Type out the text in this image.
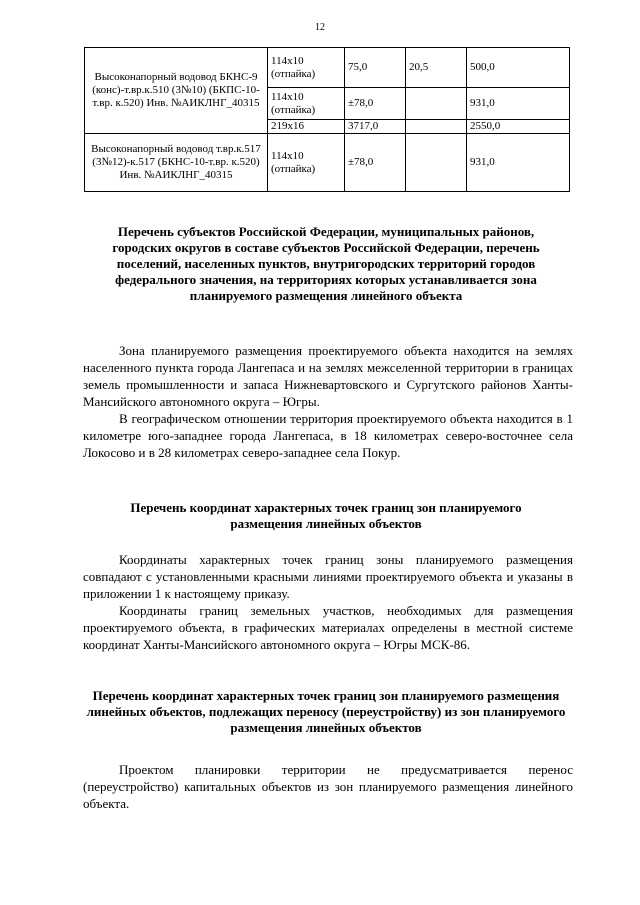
12
Высоконапорный водовод БКНС-9 (конс)-т.вр.к.510 (3№10) (БКПС-10-т.вр. к.520) Инв. №АИКЛНГ_40315	114х10 (отпайка)	75,0	20,5	500,0
	114х10 (отпайка)	±78,0		931,0
	219х16	3717,0		2550,0
Высоконапорный водовод т.вр.к.517 (3№12)-к.517 (БКНС-10-т.вр. к.520) Инв. №АИКЛНГ_40315	114х10 (отпайка)	±78,0		931,0
Перечень субъектов Российской Федерации, муниципальных районов, городских округов в составе субъектов Российской Федерации, перечень поселений, населенных пунктов, внутригородских территорий городов федерального значения, на территориях которых устанавливается зона планируемого размещения линейного объекта

Зона планируемого размещения проектируемого объекта находится на землях населенного пункта города Лангепаса и на землях межселенной территории в границах земель промышленности и запаса Нижневартовского и Сургутского районов Ханты-Мансийского автономного округа – Югры.

В географическом отношении территория проектируемого объекта находится в 1 километре юго-западнее города Лангепаса, в 18 километрах северо-восточнее села Локосово и в 28 километрах северо-западнее села Покур.

Перечень координат характерных точек границ зон планируемого размещения линейных объектов

Координаты характерных точек границ зоны планируемого размещения совпадают с установленными красными линиями проектируемого объекта и указаны в приложении 1 к настоящему приказу.

Координаты границ земельных участков, необходимых для размещения проектируемого объекта, в графических материалах определены в местной системе координат Ханты-Мансийского автономного округа – Югры МСК-86.

Перечень координат характерных точек границ зон планируемого размещения линейных объектов, подлежащих переносу (переустройству) из зон планируемого размещения линейных объектов

Проектом планировки территории не предусматривается перенос (переустройство) капитальных объектов из зон планируемого размещения линейного объекта.
